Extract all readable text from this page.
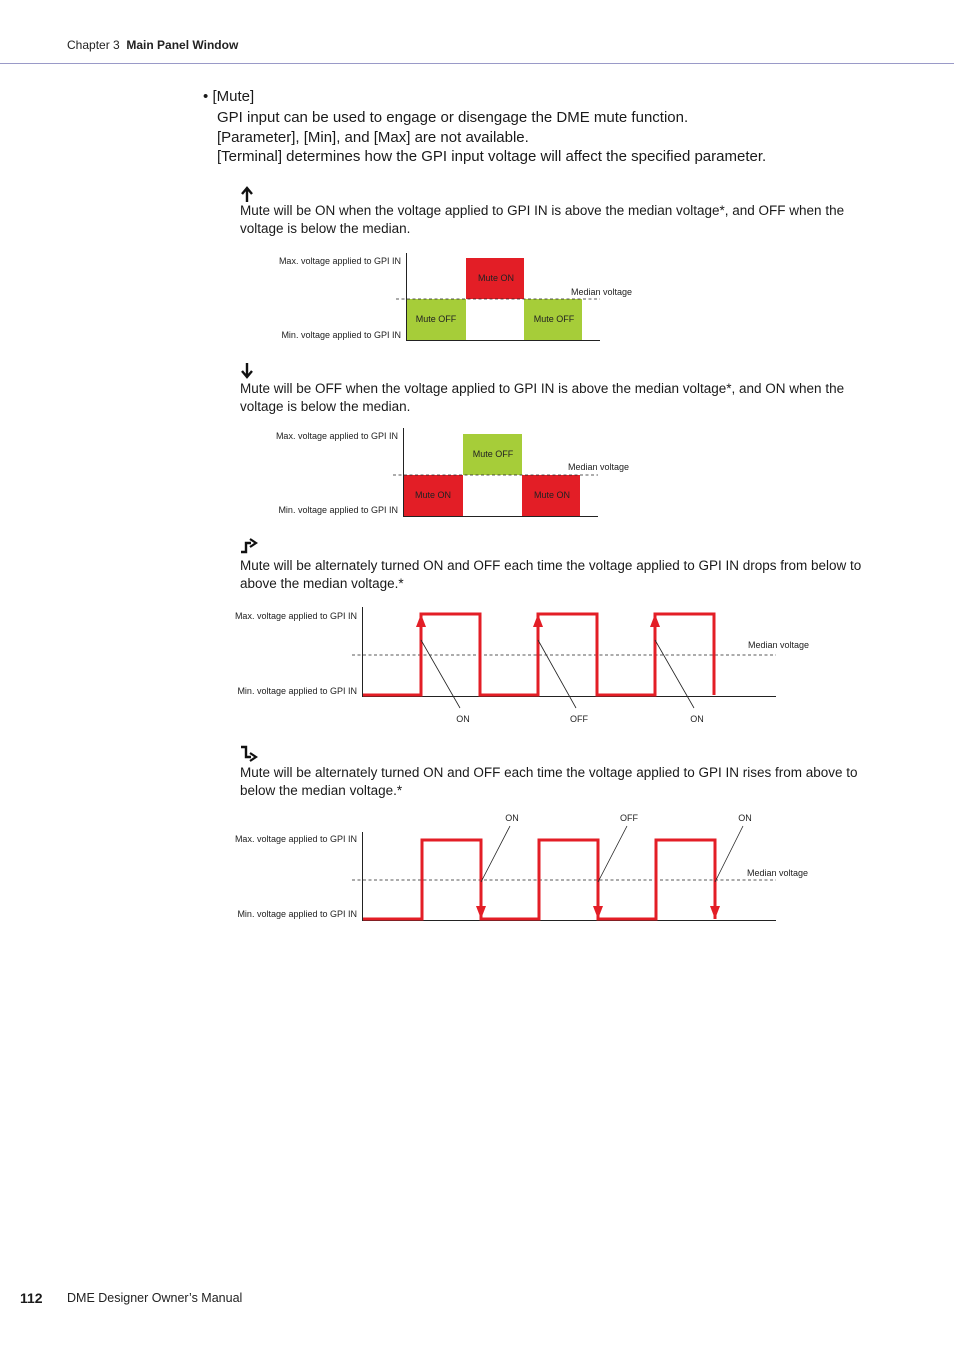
Chapter 3 Main Panel Window
• [Mute]
GPI input can be used to engage or disengage the DME mute function.
[Parameter], [Min], and [Max] are not available.
[Terminal] determines how the GPI input voltage will affect the specified parameter.
Mute will be ON when the voltage applied to GPI IN is above the median voltage*, and OFF when the voltage is below the median.
Mute will be OFF when the voltage applied to GPI IN is above the median voltage*, and ON when the voltage is below the median.
Mute will be alternately turned ON and OFF each time the voltage applied to GPI IN drops from below to above the median voltage.*
Mute will be alternately turned ON and OFF each time the voltage applied to GPI IN rises from above to below the median voltage.*
Max. voltage applied to GPI IN
Min. voltage applied to GPI IN
Mute OFF
Mute ON
Mute OFF
Median voltage
Max. voltage applied to GPI IN
Min. voltage applied to GPI IN
Mute ON
Mute OFF
Mute ON
Median voltage
Max. voltage applied to GPI IN
Min. voltage applied to GPI IN
ON	OFF	ON
Median voltage
Max. voltage applied to GPI IN
Min. voltage applied to GPI IN
ON	OFF	ON
Median voltage
112 DME Designer Owner’s Manual
